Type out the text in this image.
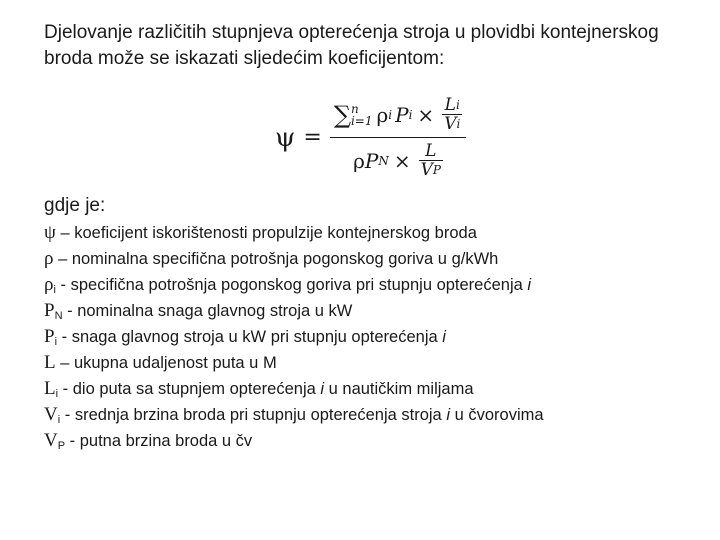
Djelovanje različitih stupnjeva opterećenja stroja u plovidbi kontejnerskog
broda može se iskazati sljedećim koeficijentom:
ψ =
∑ n
i=1 ρ i P $i \times \frac{\text{L i}}{\text{V i}}$
ρ P $N \times \frac{L}{\text{V P}}$
gdje je:
ψ – koeficijent iskorištenosti propulzije kontejnerskog broda
ρ – nominalna specifična potrošnja pogonskog goriva u g/kWh
ρi - specifična potrošnja pogonskog goriva pri stupnju opterećenja i
PN - nominalna snaga glavnog stroja u kW
Pi - snaga glavnog stroja u kW pri stupnju opterećenja i
L – ukupna udaljenost puta u M
Li - dio puta sa stupnjem opterećenja i u nautičkim miljama
Vi - srednja brzina broda pri stupnju opterećenja stroja i u čvorovima
VP - putna brzina broda u čv
